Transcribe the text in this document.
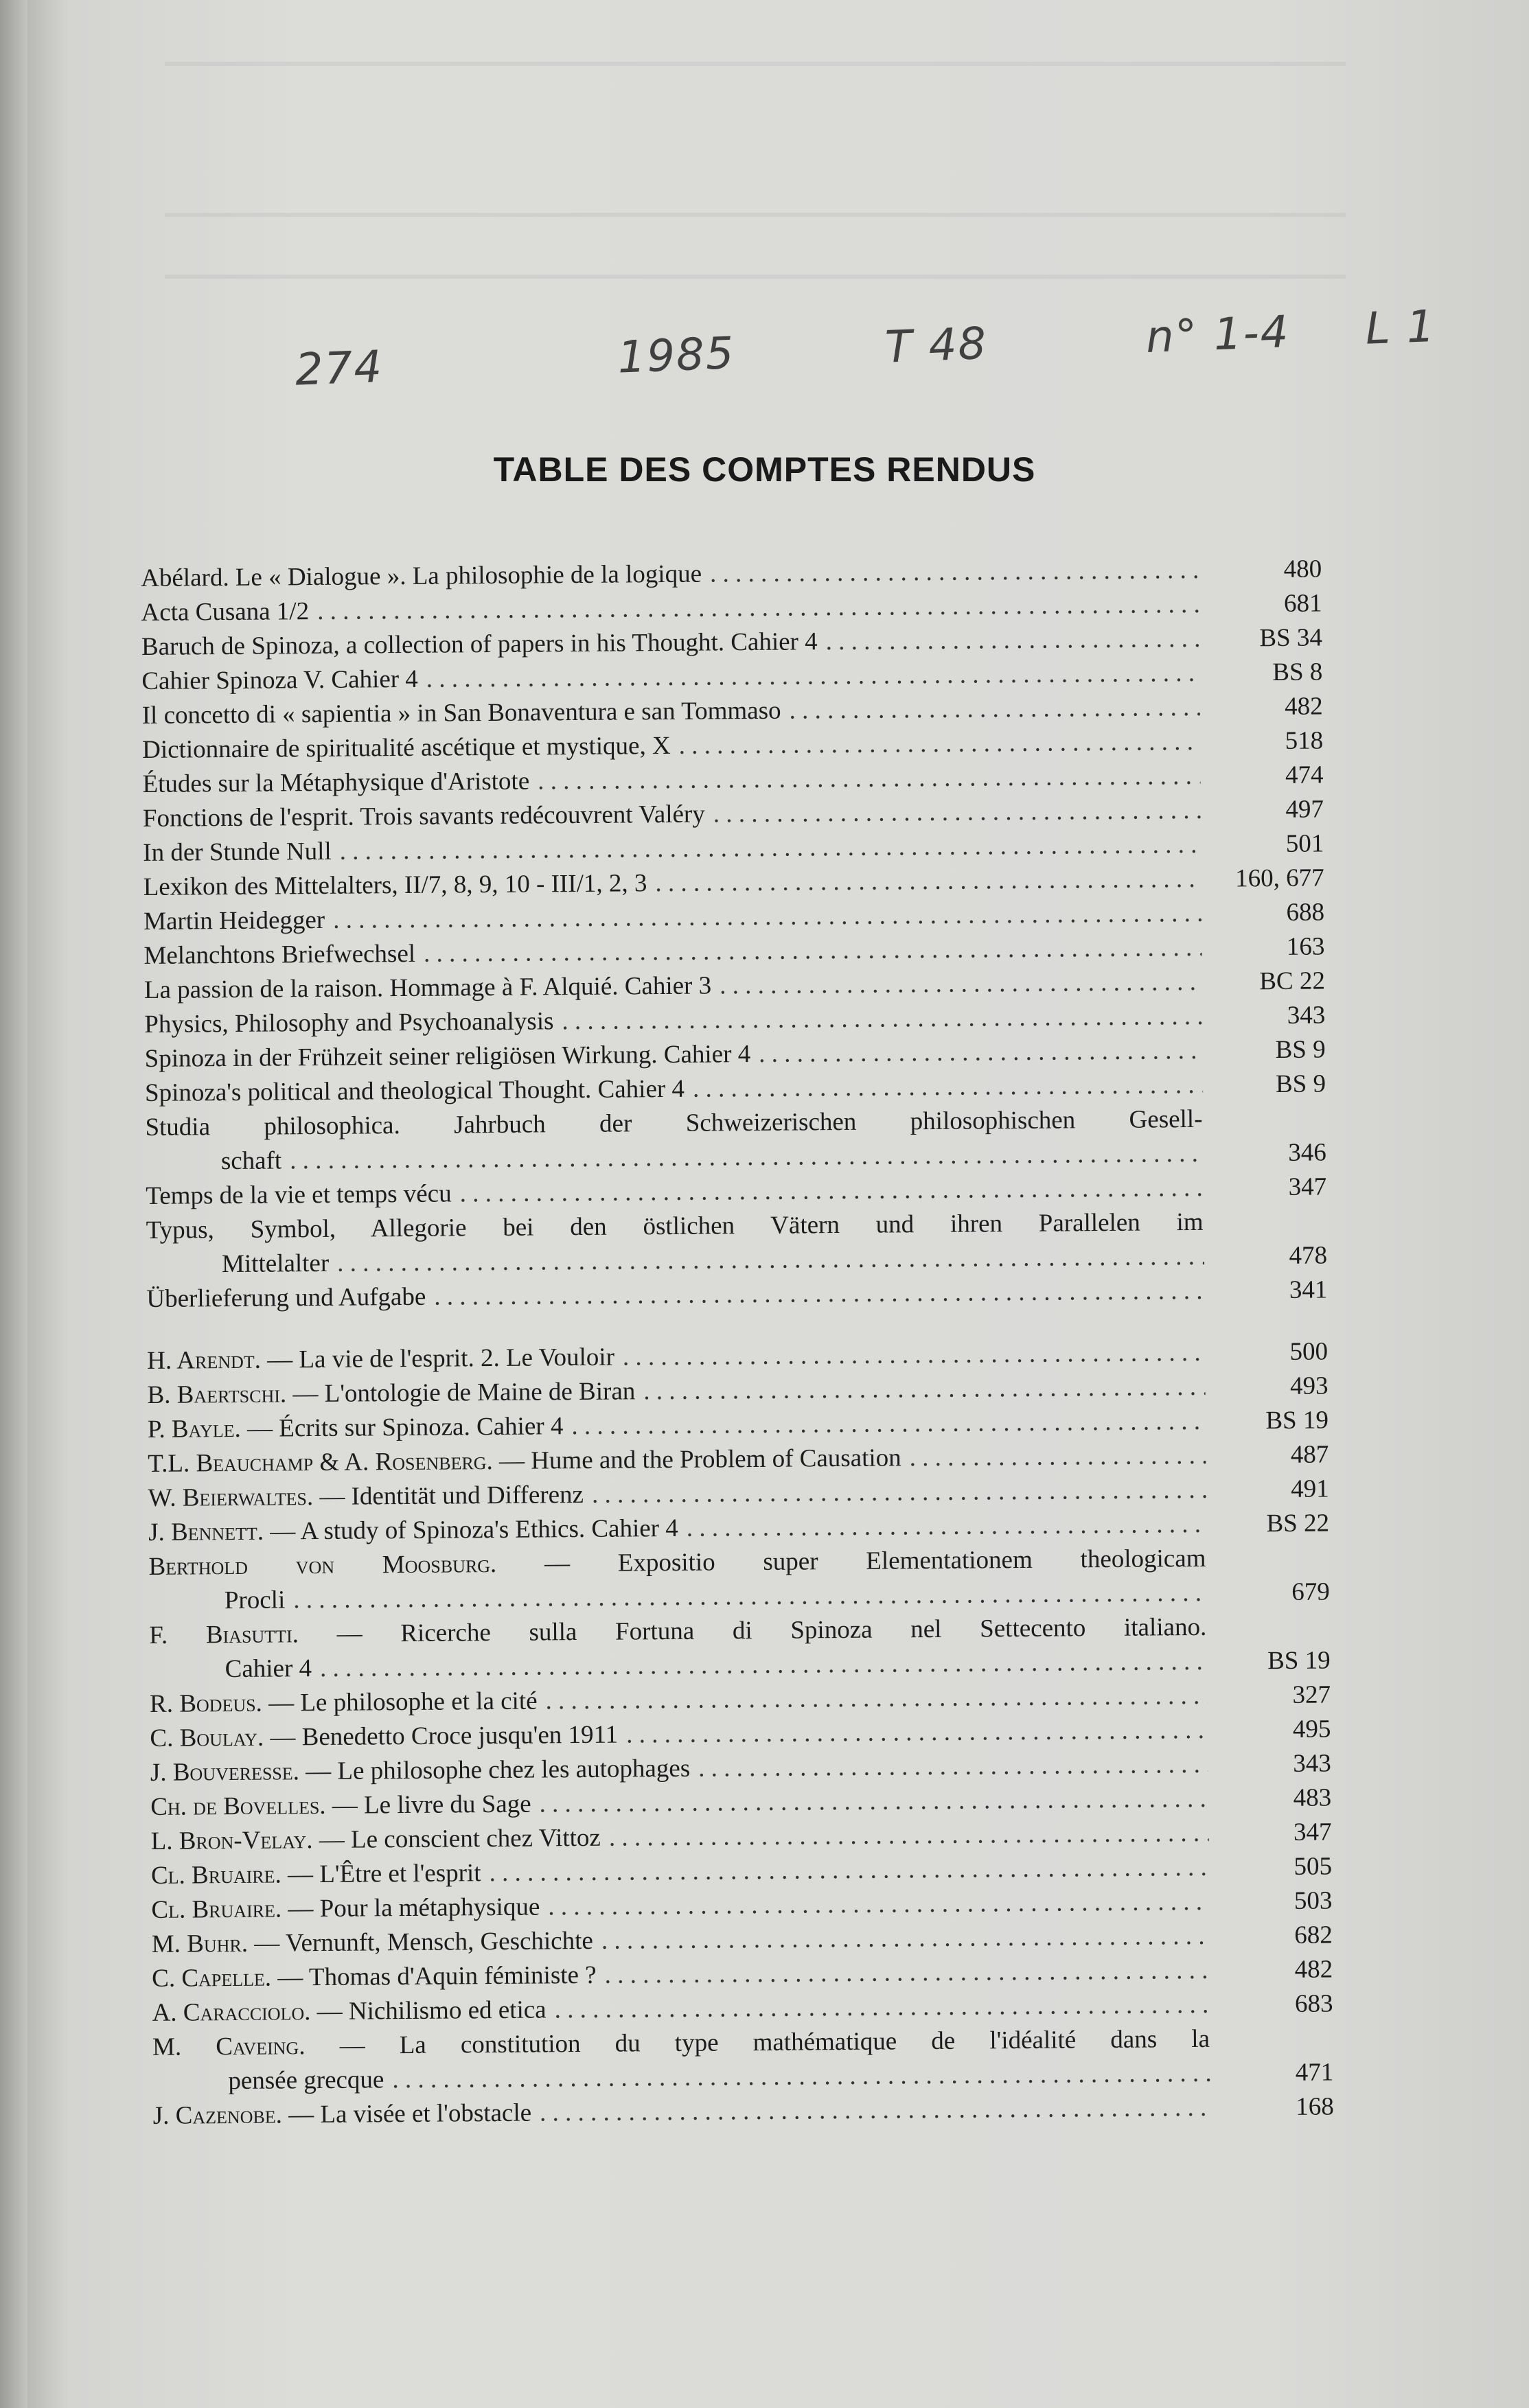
274	1985	T 48	n° 1-4 L 1
TABLE DES COMPTES RENDUS
Abélard. Le « Dialogue ». La philosophie de la logique . . .	480
Acta Cusana 1/2 . . .	681
Baruch de Spinoza, a collection of papers in his Thought. Cahier 4 . . .	BS 34
Cahier Spinoza V. Cahier 4 . . .	BS 8
Il concetto di « sapientia » in San Bonaventura e san Tommaso . . .	482
Dictionnaire de spiritualité ascétique et mystique, X . . .	518
Études sur la Métaphysique d'Aristote . . .	474
Fonctions de l'esprit. Trois savants redécouvrent Valéry . . .	497
In der Stunde Null . . .	501
Lexikon des Mittelalters, II/7, 8, 9, 10 - III/1, 2, 3 . . .	160, 677
Martin Heidegger . . .	688
Melanchtons Briefwechsel . . .	163
La passion de la raison. Hommage à F. Alquié. Cahier 3 . . .	BC 22
Physics, Philosophy and Psychoanalysis . . .	343
Spinoza in der Frühzeit seiner religiösen Wirkung. Cahier 4 . . .	BS 9
Spinoza's political and theological Thought. Cahier 4 . . .	BS 9
Studia philosophica. Jahrbuch der Schweizerischen philosophischen Gesell-
schaft . . .	346
Temps de la vie et temps vécu . . .	347
Typus, Symbol, Allegorie bei den östlichen Vätern und ihren Parallelen im
Mittelalter . . .	478
Überlieferung und Aufgabe . . .	341
H. Arendt. — La vie de l'esprit. 2. Le Vouloir . . .	500
B. Baertschi. — L'ontologie de Maine de Biran . . .	493
P. Bayle. — Écrits sur Spinoza. Cahier 4 . . .	BS 19
T.L. Beauchamp & A. Rosenberg. — Hume and the Problem of Causation . . .	487
W. Beierwaltes. — Identität und Differenz . . .	491
J. Bennett. — A study of Spinoza's Ethics. Cahier 4 . . .	BS 22
Berthold von Moosburg. — Expositio super Elementationem theologicam
Procli . . .	679
F. Biasutti. — Ricerche sulla Fortuna di Spinoza nel Settecento italiano.
Cahier 4 . . .	BS 19
R. Bodeus. — Le philosophe et la cité . . .	327
C. Boulay. — Benedetto Croce jusqu'en 1911 . . .	495
J. Bouveresse. — Le philosophe chez les autophages . . .	343
Ch. de Bovelles. — Le livre du Sage . . .	483
L. Bron-Velay. — Le conscient chez Vittoz . . .	347
Cl. Bruaire. — L'Être et l'esprit . . .	505
Cl. Bruaire. — Pour la métaphysique . . .	503
M. Buhr. — Vernunft, Mensch, Geschichte . . .	682
C. Capelle. — Thomas d'Aquin féministe ? . . .	482
A. Caracciolo. — Nichilismo ed etica . . .	683
M. Caveing. — La constitution du type mathématique de l'idéalité dans la
pensée grecque . . .	471
J. Cazenobe. — La visée et l'obstacle . . .	168
